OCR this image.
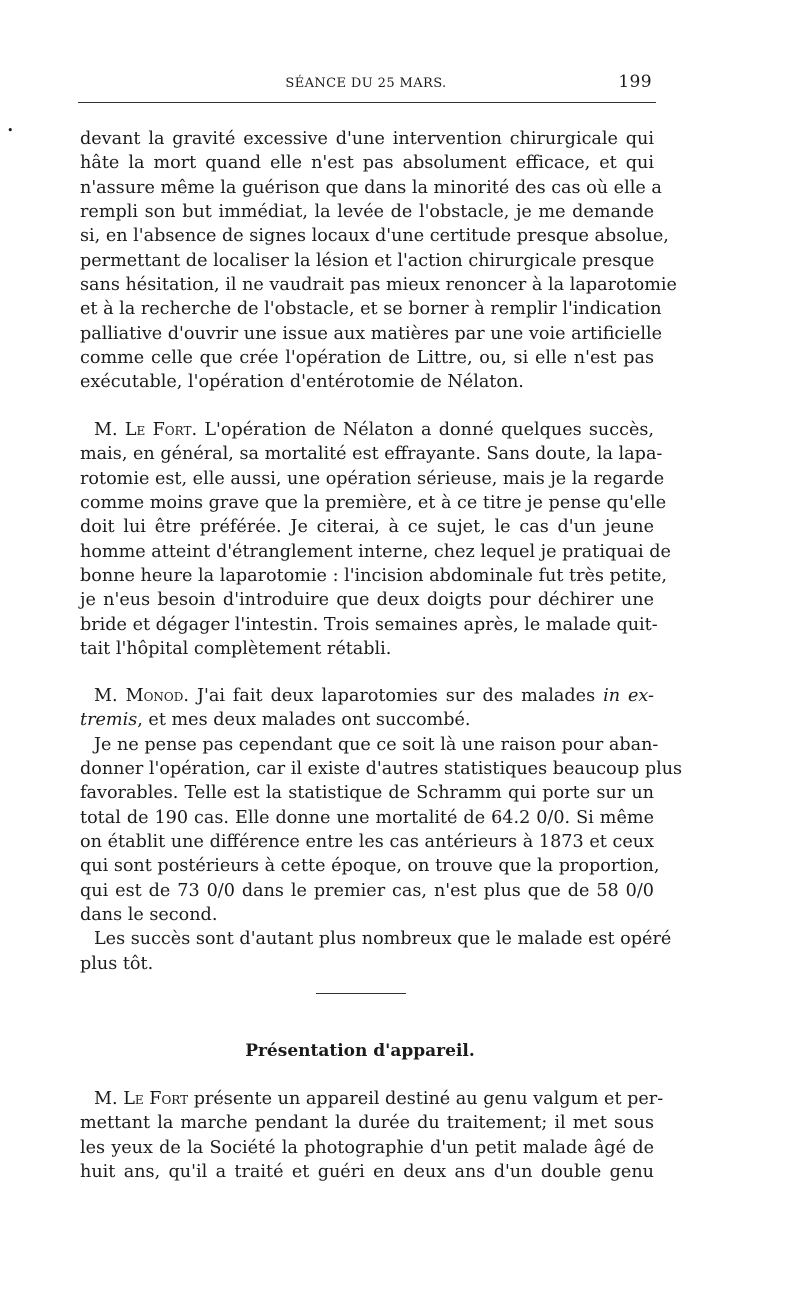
SÉANCE DU 25 MARS.	199
•	devant la gravité excessive d'une intervention chirurgicale qui
hâte la mort quand elle n'est pas absolument efficace, et qui
n'assure même la guérison que dans la minorité des cas où elle a
rempli son but immédiat, la levée de l'obstacle, je me demande
si, en l'absence de signes locaux d'une certitude presque absolue,
permettant de localiser la lésion et l'action chirurgicale presque
sans hésitation, il ne vaudrait pas mieux renoncer à la laparotomie
et à la recherche de l'obstacle, et se borner à remplir l'indication
palliative d'ouvrir une issue aux matières par une voie artificielle
comme celle que crée l'opération de Littre, ou, si elle n'est pas
exécutable, l'opération d'entérotomie de Nélaton.
M. Le Fort. L'opération de Nélaton a donné quelques succès,
mais, en général, sa mortalité est effrayante. Sans doute, la lapa-
rotomie est, elle aussi, une opération sérieuse, mais je la regarde
comme moins grave que la première, et à ce titre je pense qu'elle
doit lui être préférée. Je citerai, à ce sujet, le cas d'un jeune
homme atteint d'étranglement interne, chez lequel je pratiquai de
bonne heure la laparotomie : l'incision abdominale fut très petite,
je n'eus besoin d'introduire que deux doigts pour déchirer une
bride et dégager l'intestin. Trois semaines après, le malade quit-
tait l'hôpital complètement rétabli.
M. Monod. J'ai fait deux laparotomies sur des malades in ex-
tremis, et mes deux malades ont succombé.
Je ne pense pas cependant que ce soit là une raison pour aban-
donner l'opération, car il existe d'autres statistiques beaucoup plus
favorables. Telle est la statistique de Schramm qui porte sur un
total de 190 cas. Elle donne une mortalité de 64.2 0/0. Si même
on établit une différence entre les cas antérieurs à 1873 et ceux
qui sont postérieurs à cette époque, on trouve que la proportion,
qui est de 73 0/0 dans le premier cas, n'est plus que de 58 0/0
dans le second.
Les succès sont d'autant plus nombreux que le malade est opéré
plus tôt.
Présentation d'appareil.
M. Le Fort présente un appareil destiné au genu valgum et per-
mettant la marche pendant la durée du traitement; il met sous
les yeux de la Société la photographie d'un petit malade âgé de
huit ans, qu'il a traité et guéri en deux ans d'un double genu
